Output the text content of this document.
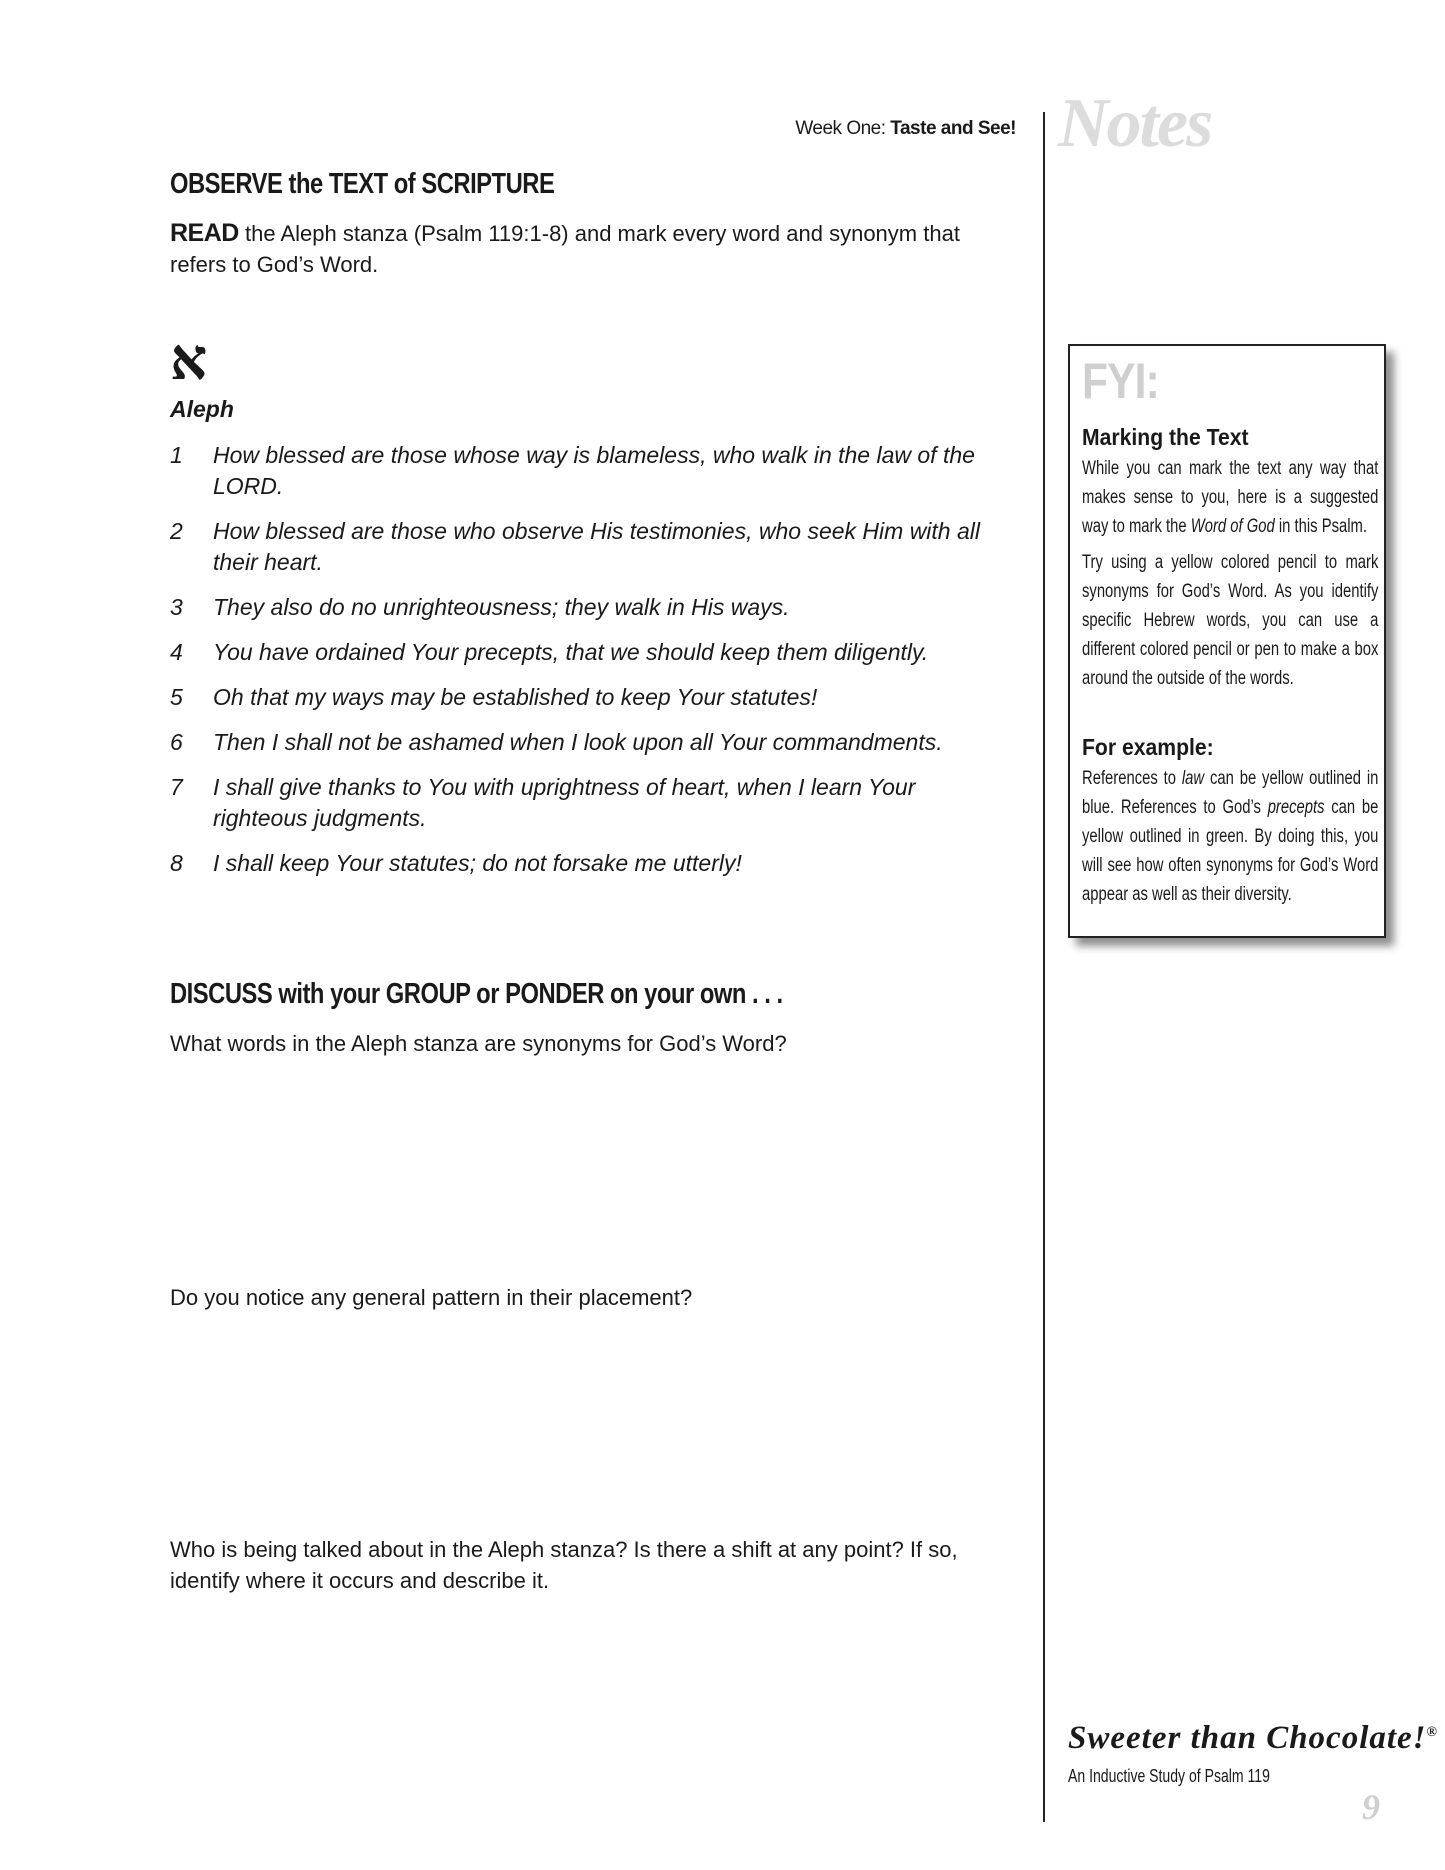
Week One: Taste and See! Notes
OBSERVE the TEXT of SCRIPTURE
READ the Aleph stanza (Psalm 119:1-8) and mark every word and synonym that refers to God’s Word.
א
Aleph
1	How blessed are those whose way is blameless, who walk in the law of the LORD.
2	How blessed are those who observe His testimonies, who seek Him with all their heart.
3	They also do no unrighteousness; they walk in His ways.
4	You have ordained Your precepts, that we should keep them diligently.
5	Oh that my ways may be established to keep Your statutes!
6	Then I shall not be ashamed when I look upon all Your commandments.
7	I shall give thanks to You with uprightness of heart, when I learn Your righteous judgments.
8	I shall keep Your statutes; do not forsake me utterly!
DISCUSS with your GROUP or PONDER on your own . . .
What words in the Aleph stanza are synonyms for God’s Word?
Do you notice any general pattern in their placement?
Who is being talked about in the Aleph stanza? Is there a shift at any point? If so, identify where it occurs and describe it.
FYI:
Marking the Text
While you can mark the text any way that makes sense to you, here is a suggested way to mark the Word of God in this Psalm.
Try using a yellow colored pencil to mark synonyms for God’s Word. As you identify specific Hebrew words, you can use a different colored pencil or pen to make a box around the outside of the words.
For example:
References to law can be yellow outlined in blue. References to God’s precepts can be yellow outlined in green. By doing this, you will see how often synonyms for God’s Word appear as well as their diversity.
Sweeter than Chocolate!®
An Inductive Study of Psalm 119
9
